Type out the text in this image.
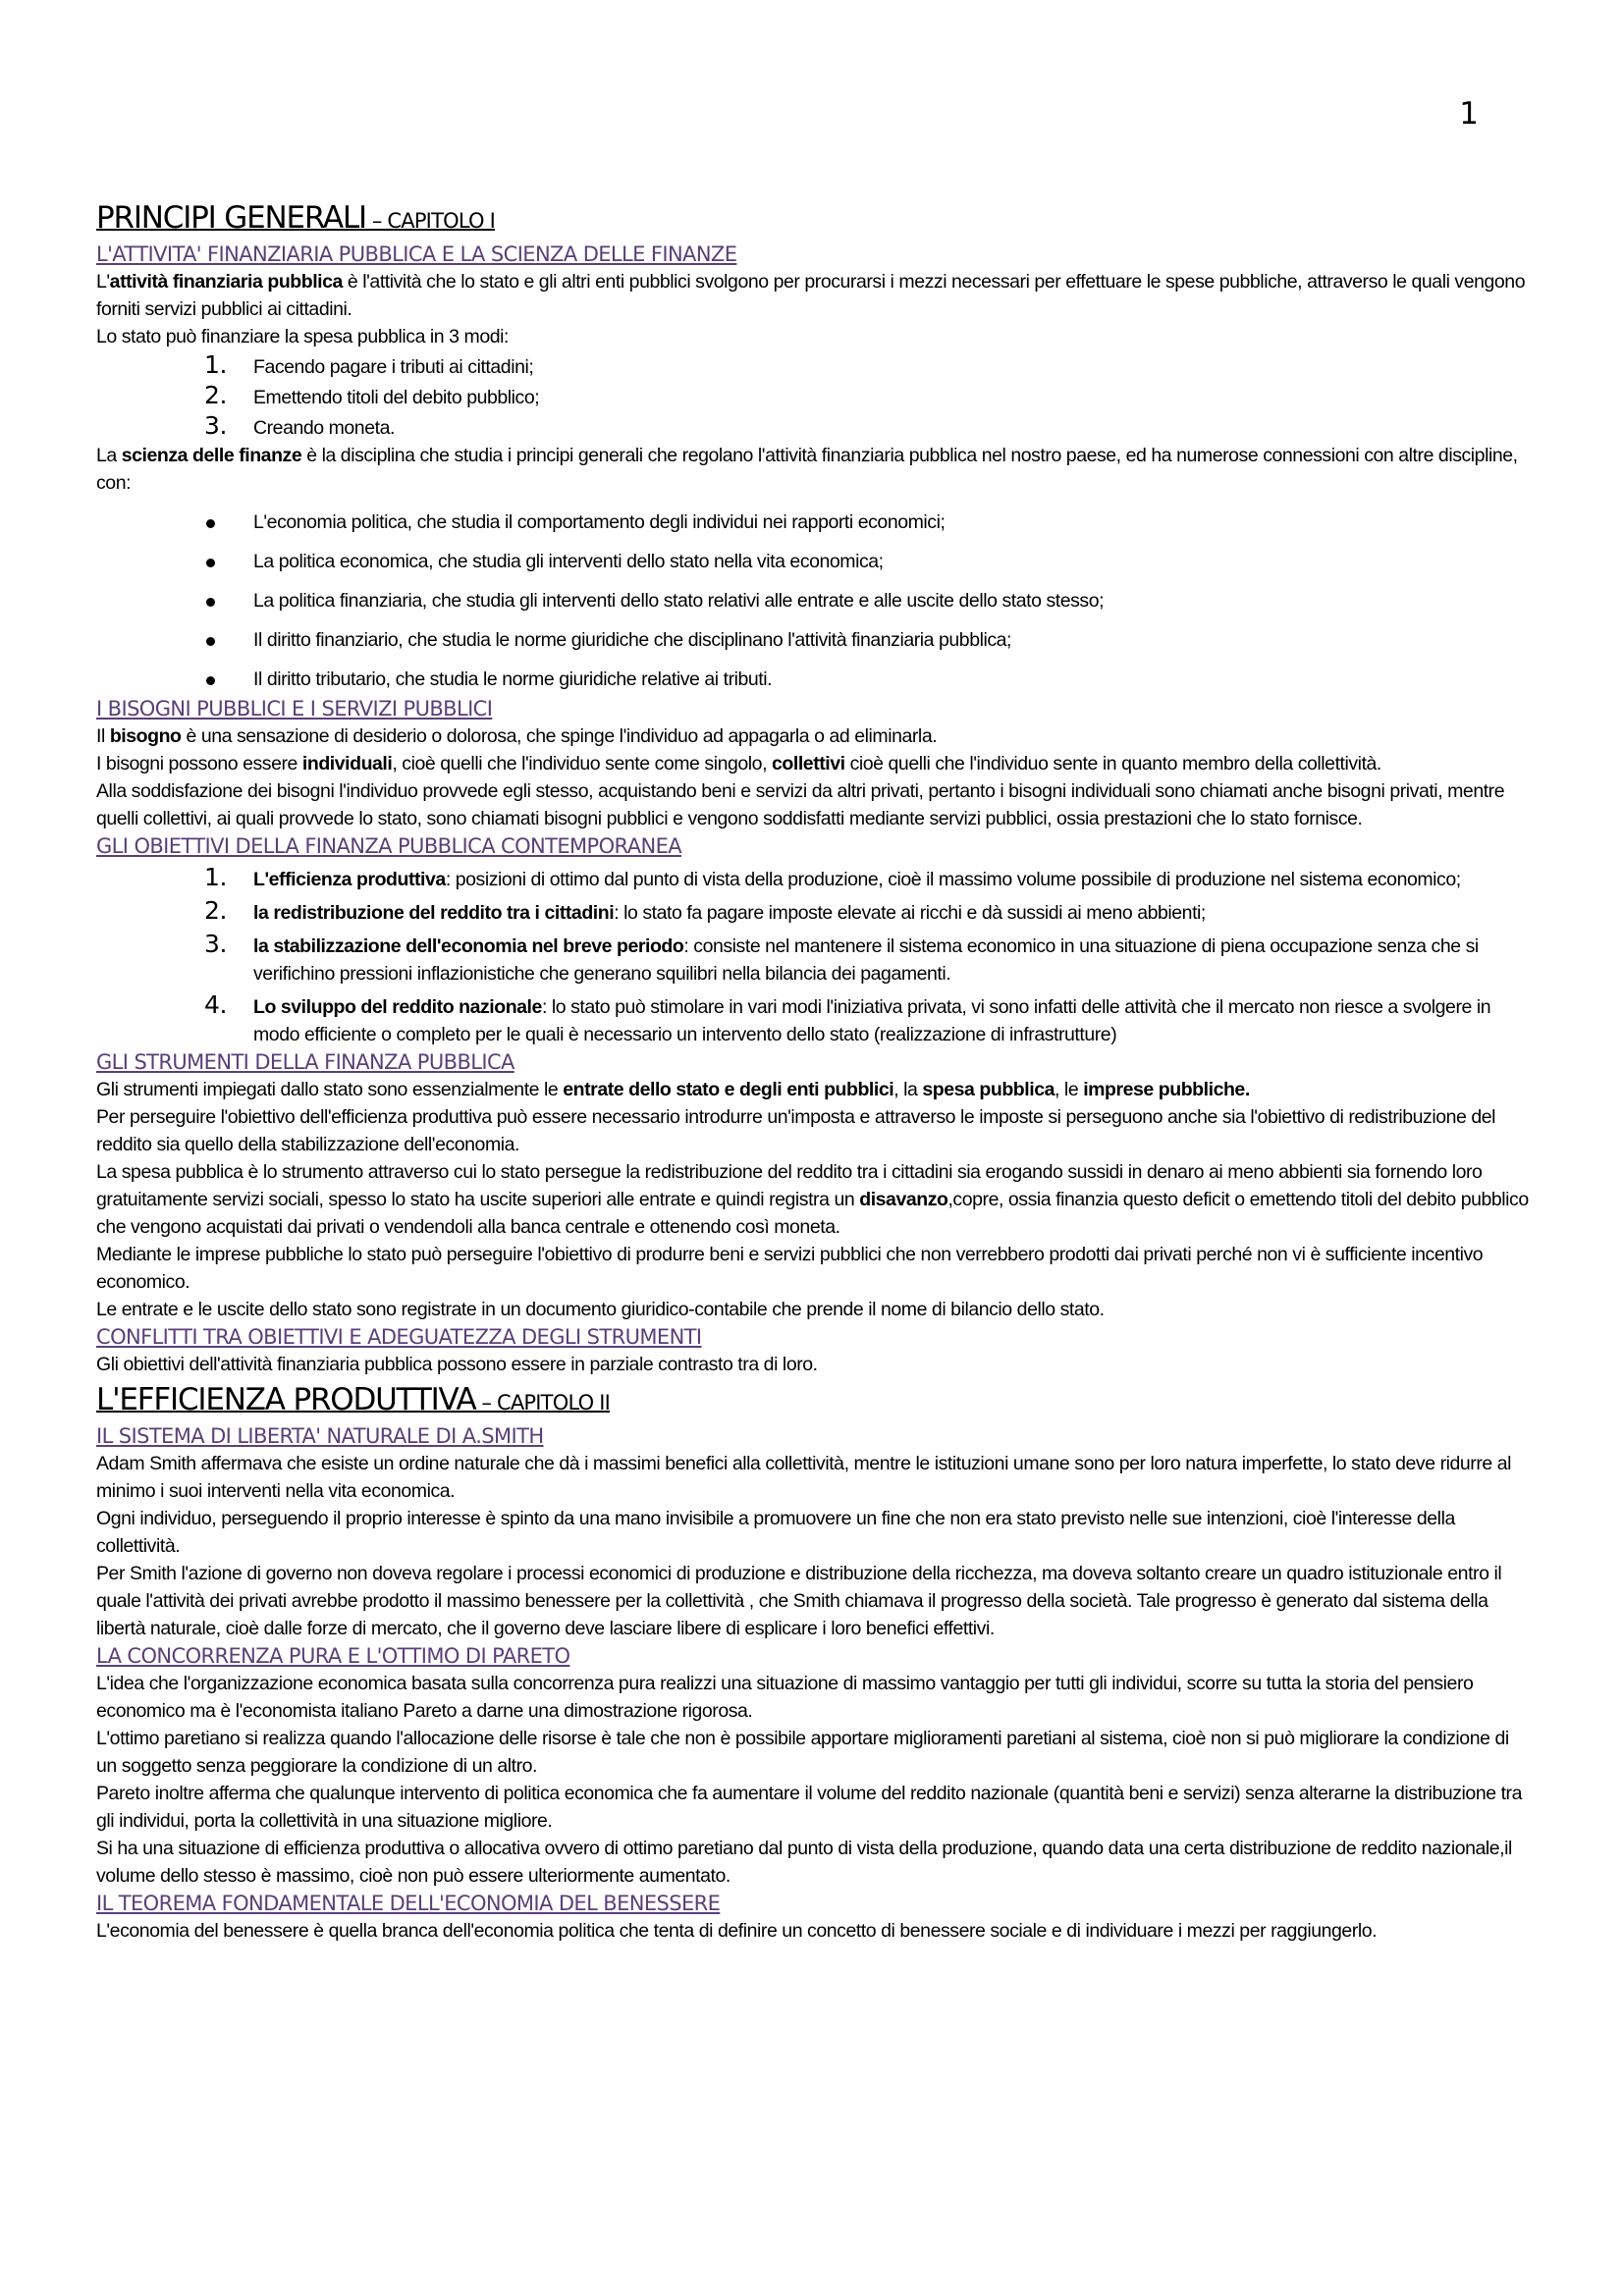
1
PRINCIPI GENERALI – CAPITOLO I
L'ATTIVITA' FINANZIARIA PUBBLICA E LA SCIENZA DELLE FINANZE

L'attività finanziaria pubblica è l'attività che lo stato e gli altri enti pubblici svolgono per procurarsi i mezzi necessari per effettuare le spese pubbliche, attraverso le quali vengono forniti servizi pubblici ai cittadini.

Lo stato può finanziare la spesa pubblica in 3 modi:

1. Facendo pagare i tributi ai cittadini;
2. Emettendo titoli del debito pubblico;
3. Creando moneta.

La scienza delle finanze è la disciplina che studia i principi generali che regolano l'attività finanziaria pubblica nel nostro paese, ed ha numerose connessioni con altre discipline, con:

L'economia politica, che studia il comportamento degli individui nei rapporti economici;
La politica economica, che studia gli interventi dello stato nella vita economica;
La politica finanziaria, che studia gli interventi dello stato relativi alle entrate e alle uscite dello stato stesso;
Il diritto finanziario, che studia le norme giuridiche che disciplinano l'attività finanziaria pubblica;
Il diritto tributario, che studia le norme giuridiche relative ai tributi.
I BISOGNI PUBBLICI E I SERVIZI PUBBLICI

Il bisogno è una sensazione di desiderio o dolorosa, che spinge l'individuo ad appagarla o ad eliminarla.

I bisogni possono essere individuali, cioè quelli che l'individuo sente come singolo, collettivi cioè quelli che l'individuo sente in quanto membro della collettività.

Alla soddisfazione dei bisogni l'individuo provvede egli stesso, acquistando beni e servizi da altri privati, pertanto i bisogni individuali sono chiamati anche bisogni privati, mentre quelli collettivi, ai quali provvede lo stato, sono chiamati bisogni pubblici e vengono soddisfatti mediante servizi pubblici, ossia prestazioni che lo stato fornisce.

GLI OBIETTIVI DELLA FINANZA PUBBLICA CONTEMPORANEA
1. L'efficienza produttiva: posizioni di ottimo dal punto di vista della produzione, cioè il massimo volume possibile di produzione nel sistema economico;
2. la redistribuzione del reddito tra i cittadini: lo stato fa pagare imposte elevate ai ricchi e dà sussidi ai meno abbienti;
3. la stabilizzazione dell'economia nel breve periodo: consiste nel mantenere il sistema economico in una situazione di piena occupazione senza che si verifichino pressioni inflazionistiche che generano squilibri nella bilancia dei pagamenti.
4. Lo sviluppo del reddito nazionale: lo stato può stimolare in vari modi l'iniziativa privata, vi sono infatti delle attività che il mercato non riesce a svolgere in modo efficiente o completo per le quali è necessario un intervento dello stato (realizzazione di infrastrutture)
GLI STRUMENTI DELLA FINANZA PUBBLICA

Gli strumenti impiegati dallo stato sono essenzialmente le entrate dello stato e degli enti pubblici, la spesa pubblica, le imprese pubbliche.

Per perseguire l'obiettivo dell'efficienza produttiva può essere necessario introdurre un'imposta e attraverso le imposte si perseguono anche sia l'obiettivo di redistribuzione del reddito sia quello della stabilizzazione dell'economia.

La spesa pubblica è lo strumento attraverso cui lo stato persegue la redistribuzione del reddito tra i cittadini sia erogando sussidi in denaro ai meno abbienti sia fornendo loro gratuitamente servizi sociali, spesso lo stato ha uscite superiori alle entrate e quindi registra un disavanzo,copre, ossia finanzia questo deficit o emettendo titoli del debito pubblico che vengono acquistati dai privati o vendendoli alla banca centrale e ottenendo così moneta.

Mediante le imprese pubbliche lo stato può perseguire l'obiettivo di produrre beni e servizi pubblici che non verrebbero prodotti dai privati perché non vi è sufficiente incentivo economico.

Le entrate e le uscite dello stato sono registrate in un documento giuridico-contabile che prende il nome di bilancio dello stato.

CONFLITTI TRA OBIETTIVI E ADEGUATEZZA DEGLI STRUMENTI

Gli obiettivi dell'attività finanziaria pubblica possono essere in parziale contrasto tra di loro.

L'EFFICIENZA PRODUTTIVA – CAPITOLO II
IL SISTEMA DI LIBERTA' NATURALE DI A.SMITH

Adam Smith affermava che esiste un ordine naturale che dà i massimi benefici alla collettività, mentre le istituzioni umane sono per loro natura imperfette, lo stato deve ridurre al minimo i suoi interventi nella vita economica.

Ogni individuo, perseguendo il proprio interesse è spinto da una mano invisibile a promuovere un fine che non era stato previsto nelle sue intenzioni, cioè l'interesse della collettività.

Per Smith l'azione di governo non doveva regolare i processi economici di produzione e distribuzione della ricchezza, ma doveva soltanto creare un quadro istituzionale entro il quale l'attività dei privati avrebbe prodotto il massimo benessere per la collettività , che Smith chiamava il progresso della società. Tale progresso è generato dal sistema della libertà naturale, cioè dalle forze di mercato, che il governo deve lasciare libere di esplicare i loro benefici effettivi.

LA CONCORRENZA PURA E L'OTTIMO DI PARETO

L'idea che l'organizzazione economica basata sulla concorrenza pura realizzi una situazione di massimo vantaggio per tutti gli individui, scorre su tutta la storia del pensiero economico ma è l'economista italiano Pareto a darne una dimostrazione rigorosa.

L'ottimo paretiano si realizza quando l'allocazione delle risorse è tale che non è possibile apportare miglioramenti paretiani al sistema, cioè non si può migliorare la condizione di un soggetto senza peggiorare la condizione di un altro.

Pareto inoltre afferma che qualunque intervento di politica economica che fa aumentare il volume del reddito nazionale (quantità beni e servizi) senza alterarne la distribuzione tra gli individui, porta la collettività in una situazione migliore.

Si ha una situazione di efficienza produttiva o allocativa ovvero di ottimo paretiano dal punto di vista della produzione, quando data una certa distribuzione de reddito nazionale,il volume dello stesso è massimo, cioè non può essere ulteriormente aumentato.

IL TEOREMA FONDAMENTALE DELL'ECONOMIA DEL BENESSERE

L'economia del benessere è quella branca dell'economia politica che tenta di definire un concetto di benessere sociale e di individuare i mezzi per raggiungerlo.
